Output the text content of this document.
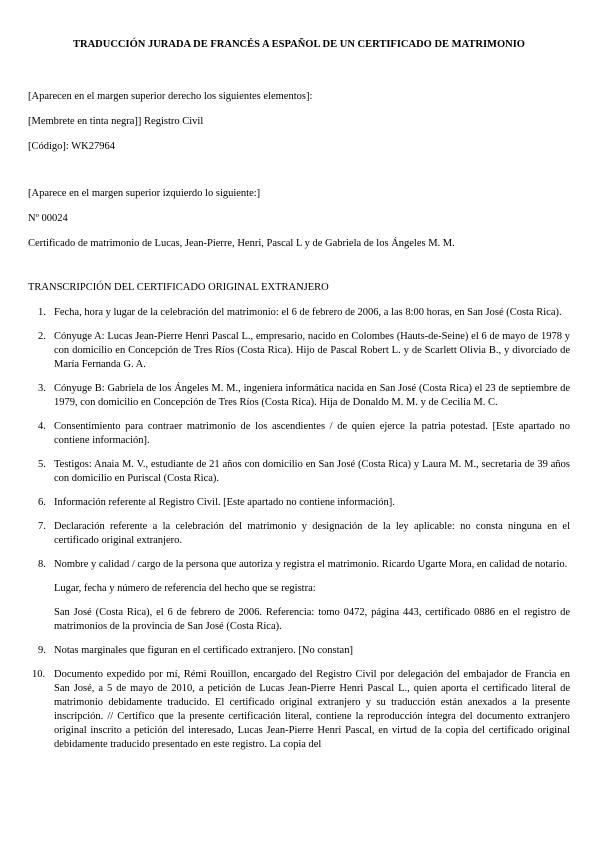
TRADUCCIÓN JURADA DE FRANCÉS A ESPAÑOL DE UN CERTIFICADO DE MATRIMONIO

[Aparecen en el margen superior derecho los siguientes elementos]:

[Membrete en tinta negra]] Registro Civil

[Código]: WK27964

[Aparece en el margen superior izquierdo lo siguiente:]

Nº 00024

Certificado de matrimonio de Lucas, Jean-Pierre, Henri, Pascal L y de Gabriela de los Ángeles M. M.

TRANSCRIPCIÓN DEL CERTIFICADO ORIGINAL EXTRANJERO

1. Fecha, hora y lugar de la celebración del matrimonio: el 6 de febrero de 2006, a las 8:00 horas, en San José (Costa Rica).
2. Cónyuge A: Lucas Jean-Pierre Henri Pascal L., empresario, nacido en Colombes (Hauts-de-Seine) el 6 de mayo de 1978 y con domicilio en Concepción de Tres Ríos (Costa Rica). Hijo de Pascal Robert L. y de Scarlett Olivia B., y divorciado de María Fernanda G. A.
3. Cónyuge B: Gabriela de los Ángeles M. M., ingeniera informática nacida en San José (Costa Rica) el 23 de septiembre de 1979, con domicilio en Concepción de Tres Ríos (Costa Rica). Hija de Donaldo M. M. y de Cecilia M. C.
4. Consentimiento para contraer matrimonio de los ascendientes / de quien ejerce la patria potestad. [Este apartado no contiene información].
5. Testigos: Anaia M. V., estudiante de 21 años con domicilio en San José (Costa Rica) y Laura M. M., secretaria de 39 años con domicilio en Puriscal (Costa Rica).
6. Información referente al Registro Civil. [Este apartado no contiene información].
7. Declaración referente a la celebración del matrimonio y designación de la ley aplicable: no consta ninguna en el certificado original extranjero.
8. Nombre y calidad / cargo de la persona que autoriza y registra el matrimonio. Ricardo Ugarte Mora, en calidad de notario.

Lugar, fecha y número de referencia del hecho que se registra:

San José (Costa Rica), el 6 de febrero de 2006. Referencia: tomo 0472, página 443, certificado 0886 en el registro de matrimonios de la provincia de San José (Costa Rica).

9. Notas marginales que figuran en el certificado extranjero. [No constan]
10. Documento expedido por mí, Rémi Rouillon, encargado del Registro Civil por delegación del embajador de Francia en San José, a 5 de mayo de 2010, a petición de Lucas Jean-Pierre Henri Pascal L., quien aporta el certificado literal de matrimonio debidamente traducido. El certificado original extranjero y su traducción están anexados a la presente inscripción. // Certifico que la presente certificación literal, contiene la reproducción íntegra del documento extranjero original inscrito a petición del interesado, Lucas Jean-Pierre Henri Pascal, en virtud de la copia del certificado original debidamente traducido presentado en este registro. La copia del
